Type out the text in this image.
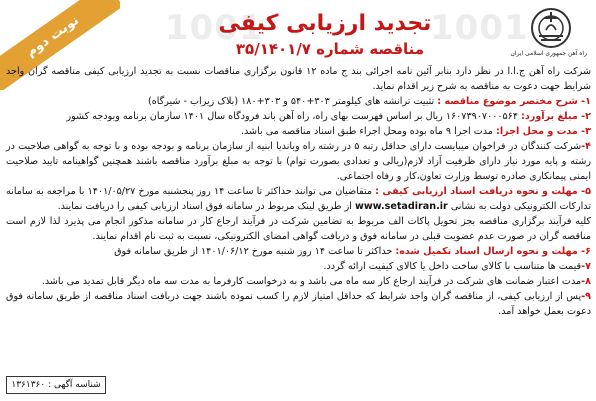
1001	1001
نوبت دوم	تجدید ارزیابی کیفی
مناقصه شماره ۳۵/۱۴۰۱/۷	راه آهن جمهوری اسلامی ایران

شرکت راه آهن ج.ا.ا در نظر دارد بنابر آئین نامه اجرائی بند ج ماده ۱۲ قانون برگزاری مناقصات نسبت به تجدید ارزیابی کیفی مناقصه گران واجد شرایط جهت دعوت به مناقصه به شرح زیر اقدام نماید.

۱- شرح مختصر موضوع مناقصه : تثبیت ترانشه های کیلومتر ۳۰۳+۵۴۰ و ۳۰۳+۱۸۰ (بلاک زیراب - شیرگاه)

۲- مبلغ برآورد: ۱۶۰۷۳۹۰۷۰۰۰۵۶۴ ریال بر اساس فهرست بهای راه، راه آهن باند فرودگاه سال ۱۴۰۱ سازمان برنامه وبودجه کشور

۳- مدت و محل اجرا: مدت اجرا ۹ ماه بوده ومحل اجراء طبق اسناد مناقصه می باشد.

۴-شرکت کنندگان در فراخوان میبایست دارای حداقل رتبه ۵ در رشته راه وباندیا ابنیه از سازمان برنامه و بودجه بوده و با توجه به گواهی صلاحیت در رشته و پایه مورد نیاز دارای ظرفیت آزاد لازم(ریالی و تعدادی بصورت توام) با توجه به مبلغ برآورد مناقصه باشند همچنین گواهینامه تایید صلاحیت ایمنی پیمانکاری صادره توسط وزارت تعاون،کار و رفاه اجتماعی.

۵- مهلت و نحوه دریافت اسناد ارزیابی کیفی : متقاضیان می توانند حداکثر تا ساعت ۱۴ روز پنجشنبه مورخ ۱۴۰۱/۰۵/۲۷ با مراجعه به سامانه تدارکات الکترونیکی دولت به نشانی www.setadiran.ir از طریق لینک مربوط در سامانه فوق اسناد ارزیابی کیفی را دریافت نمایند.

کلیه فرآیند برگزاری مناقصه بجز تحویل پاکات الف مربوط به تضامین شرکت در فرآیند ارجاع کار در سامانه مذکور انجام می پذیرد لذا لازم است مناقصه گران در صورت عدم عضویت قبلی در سامانه فوق و دریافت گواهی امضای الکترونیکی، نسبت به ثبت نام اقدام نمایند.

۶- مهلت و نحوه ارسال اسناد تکمیل شده: حداکثر تا ساعت ۱۴ روز شنبه مورخ ۱۴۰۱/۰۶/۱۲ از طریق سامانه فوق

۷-قیمت ها متناسب با کالای ساخت داخل یا کالای کیفیت ارائه گردد.

۸-مدت اعتبار ضمانت های شرکت در فرآیند ارجاع کار سه ماه می باشد و به درخواست کارفرما به مدت سه ماه دیگر قابل تمدید می باشد.

۹-پس از ارزیابی کیفی، از مناقصه گران واجد شرایط که حداقل امتیاز لازم را کسب نموده باشند جهت دریافت اسناد مناقصه از طریق سامانه فوق دعوت بعمل خواهد آمد.

شناسه آگهی : ۱۳۶۱۳۶۰
